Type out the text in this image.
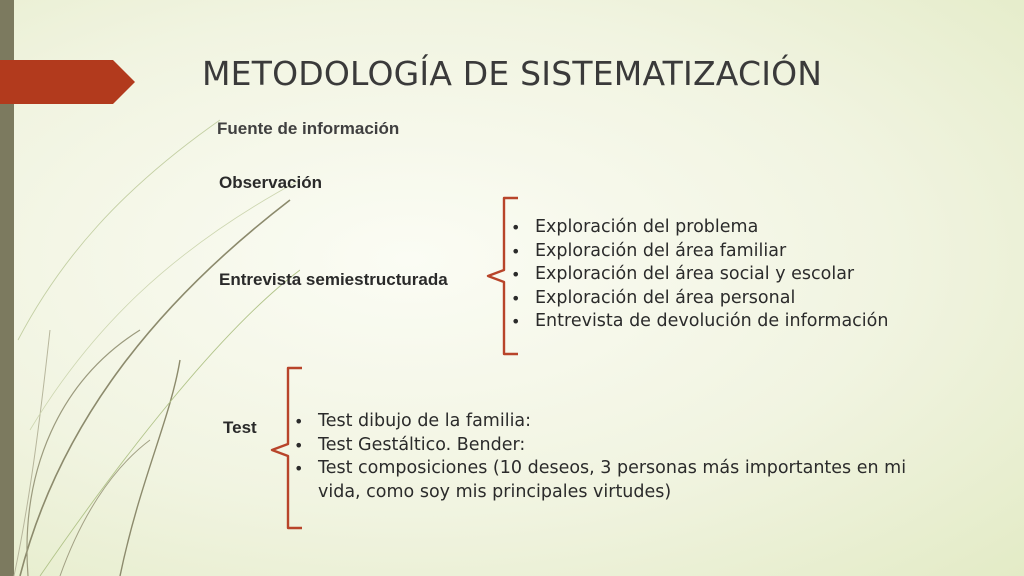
METODOLOGÍA DE SISTEMATIZACIÓN
Fuente de información
Observación
Entrevista semiestructurada
• Exploración del problema
• Exploración del área familiar
• Exploración del área social y escolar
• Exploración del área personal
• Entrevista de devolución de información
Test
•	Test dibujo de la familia:
• Test Gestáltico. Bender:
• Test composiciones (10 deseos, 3 personas más importantes en mi vida, como soy mis principales virtudes)
